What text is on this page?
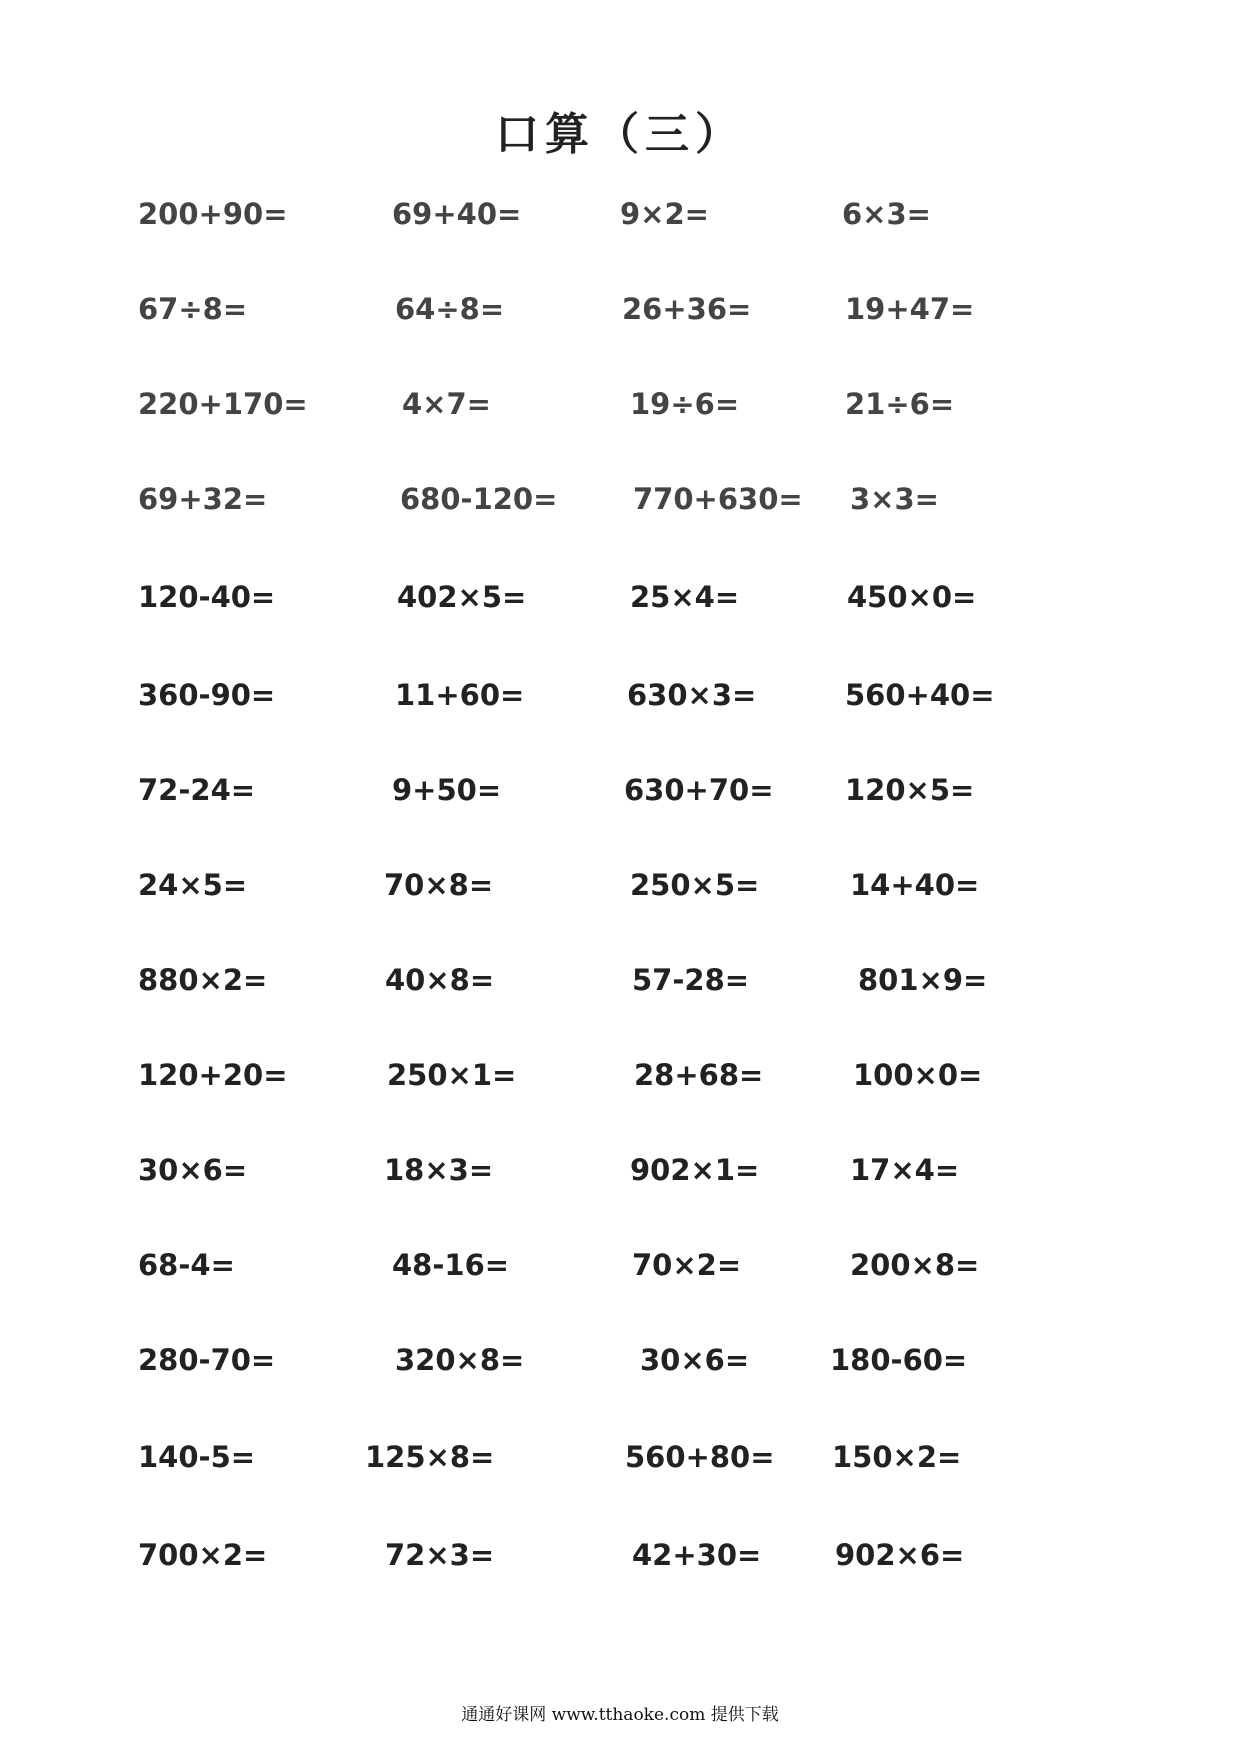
口算（三）
200+90=	69+40=	9×2=	6×3=
67÷8=	64÷8=	26+36=	19+47=
220+170=	4×7=	19÷6=	21÷6=
69+32=	680-120=	770+630= 3×3=
120-40=	402×5=	25×4=	450×0=
360-90=	11+60=	630×3=	560+40=
72-24=	9+50=	630+70= 120×5=
24×5=	70×8=	250×5=	14+40=
880×2=	40×8=	57-28=	801×9=
120+20=	250×1=	28+68=	100×0=
30×6=	18×3=	902×1=	17×4=
68-4=	48-16=	70×2=	200×8=
280-70=	320×8=	30×6=	180-60=
140-5=	125×8=	560+80= 150×2=
700×2=	72×3=	42+30=	902×6=
通通好课网 www.tthaoke.com 提供下载
